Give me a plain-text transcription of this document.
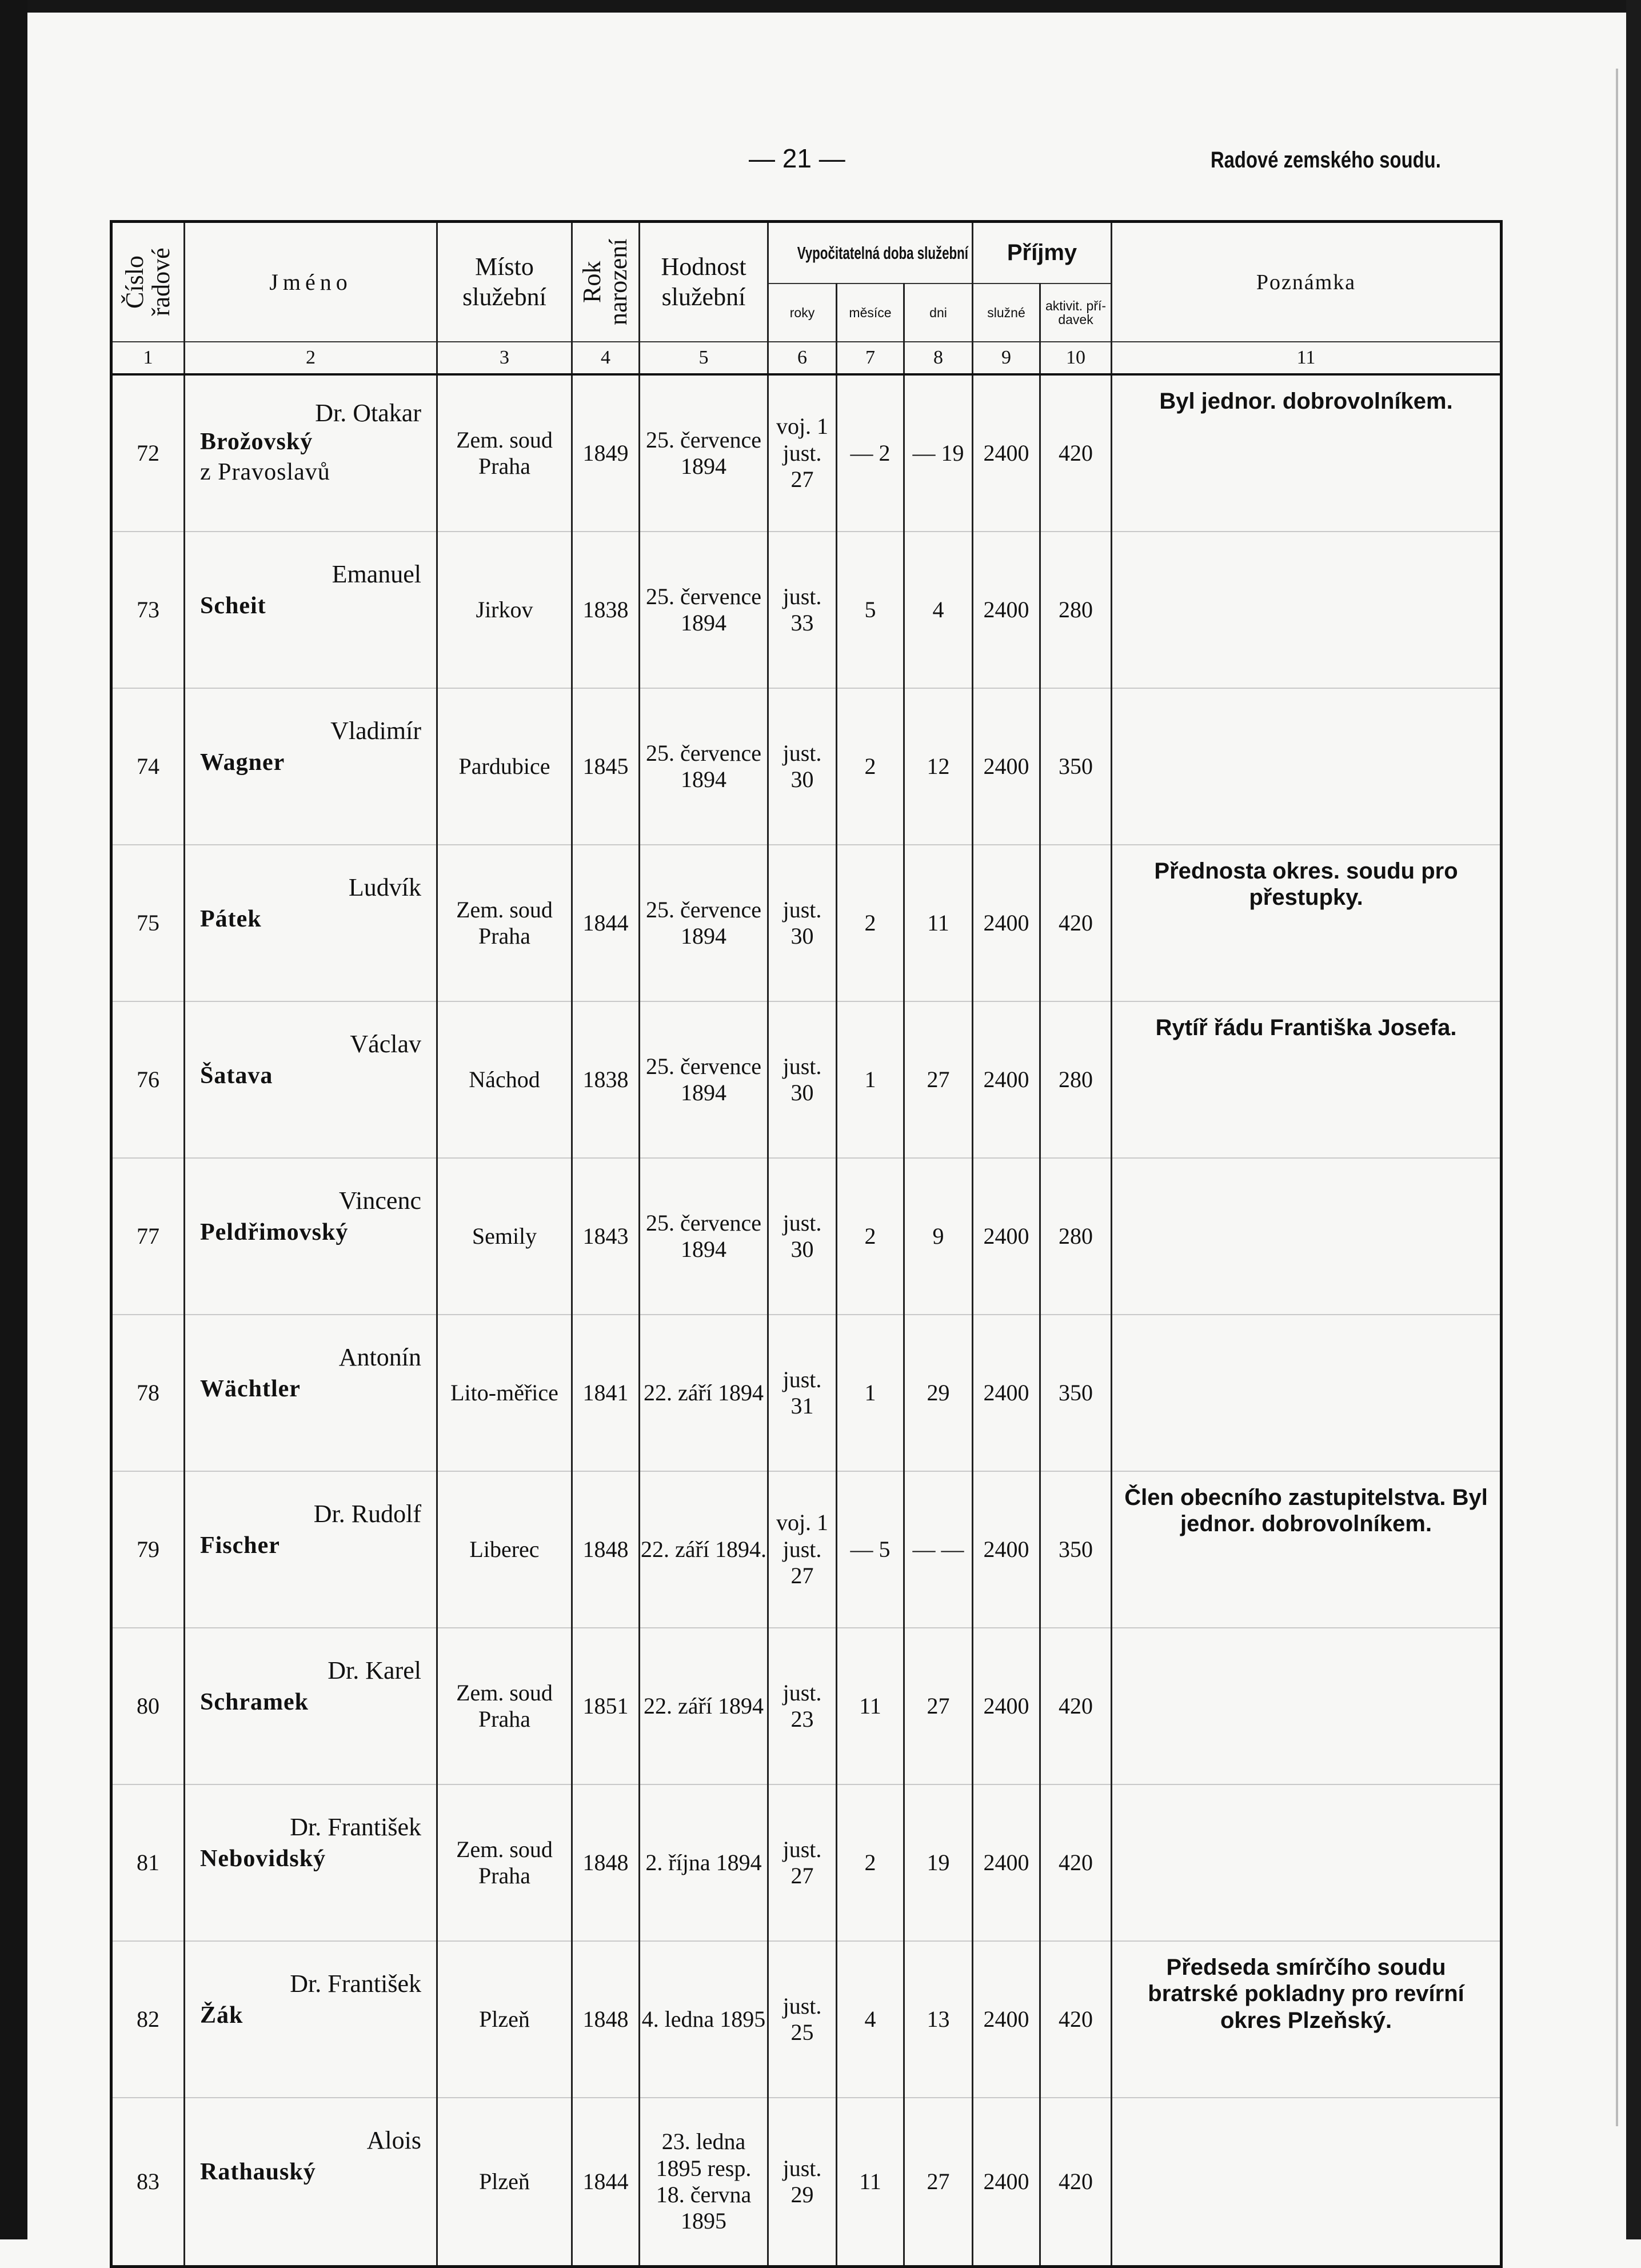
— 21 —	Radové zemského soudu.
Číslo řadové	Jméno	Místo služební	Rok narození	Hodnost služební	Vypočitatelná doba služební			Příjmy		Poznámka
					roky	měsíce	dni	služné	aktivit. pří-davek	
1	2	3	4	5	6	7	8	9	10	11
72	Dr. Otakar
Brožovský
z Pravoslavů	Zem. soud Praha	1849	25. července 1894	voj. 1 just. 27	— 2	— 19	2400	420	Byl jednor. dobrovolníkem.
73	Emanuel
Scheit	Jirkov	1838	25. července 1894	just. 33	5	4	2400	280	
74	Vladimír
Wagner	Pardubice	1845	25. července 1894	just. 30	2	12	2400	350	
75	Ludvík
Pátek	Zem. soud Praha	1844	25. července 1894	just. 30	2	11	2400	420	Přednosta okres. soudu pro přestupky.
76	Václav
Šatava	Náchod	1838	25. července 1894	just. 30	1	27	2400	280	Rytíř řádu Františka Josefa.
77	Vincenc
Peldřimovský	Semily	1843	25. července 1894	just. 30	2	9	2400	280	
78	Antonín
Wächtler	Lito-měřice	1841	22. září 1894	just. 31	1	29	2400	350	
79	Dr. Rudolf
Fischer	Liberec	1848	22. září 1894.	voj. 1 just. 27	— 5	— —	2400	350	Člen obecního zastupitelstva. Byl jednor. dobrovolníkem.
80	Dr. Karel
Schramek	Zem. soud Praha	1851	22. září 1894	just. 23	11	27	2400	420	
81	Dr. František
Nebovidský	Zem. soud Praha	1848	2. října 1894	just. 27	2	19	2400	420	
82	Dr. František
Žák	Plzeň	1848	4. ledna 1895	just. 25	4	13	2400	420	Předseda smírčího soudu bratrské pokladny pro revírní okres Plzeňský.
83	Alois
Rathauský	Plzeň	1844	23. ledna 1895 resp. 18. června 1895	just. 29	11	27	2400	420	
